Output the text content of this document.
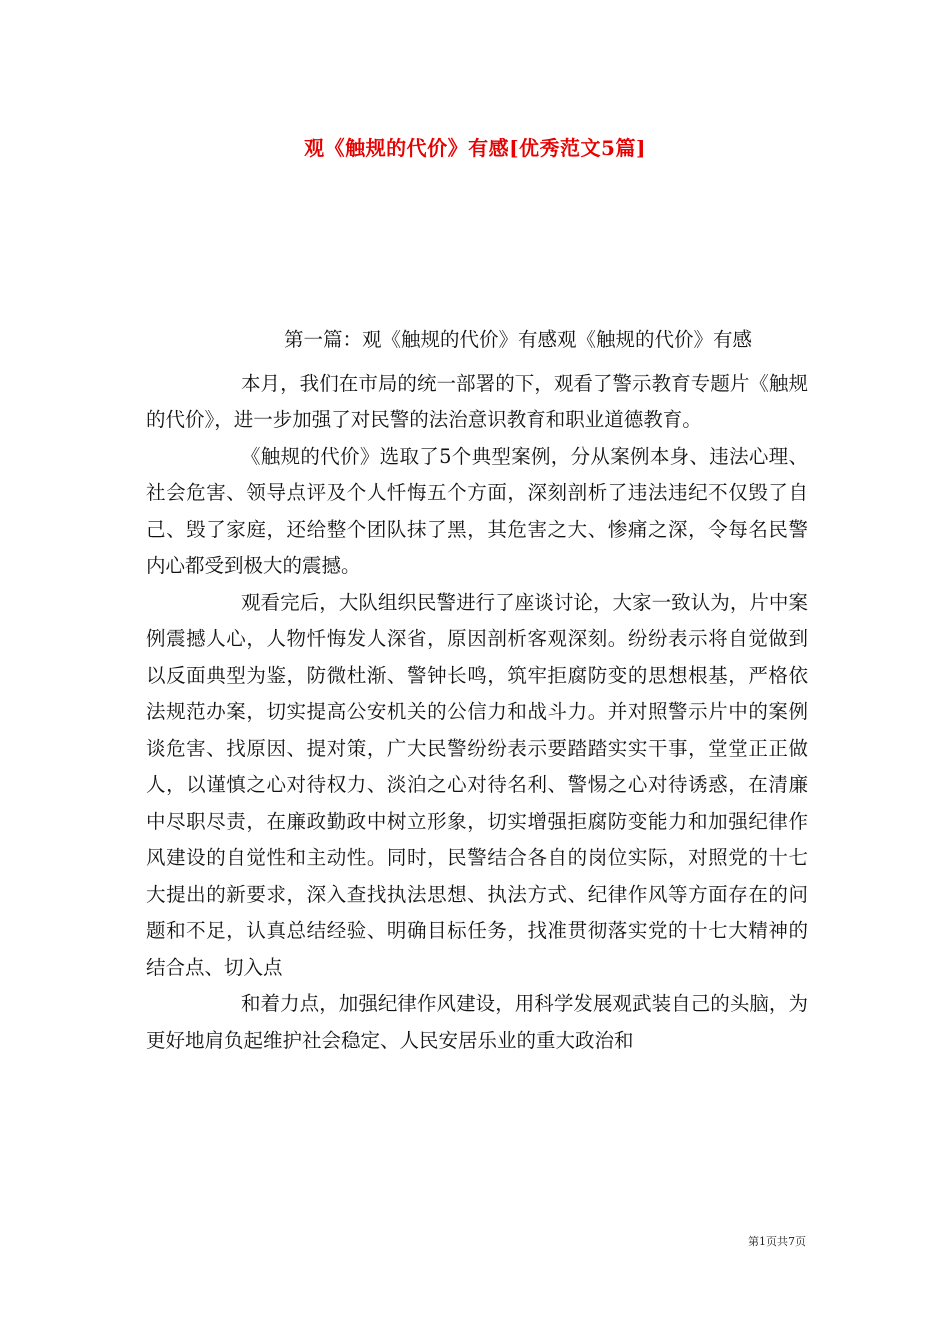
观《触规的代价》有感[优秀范文5篇]

第一篇：观《触规的代价》有感观《触规的代价》有感

本月，我们在市局的统一部署的下，观看了警示教育专题片《触规的代价》，进一步加强了对民警的法治意识教育和职业道德教育。

《触规的代价》选取了5个典型案例，分从案例本身、违法心理、社会危害、领导点评及个人忏悔五个方面，深刻剖析了违法违纪不仅毁了自己、毁了家庭，还给整个团队抹了黑，其危害之大、惨痛之深，令每名民警内心都受到极大的震撼。

观看完后，大队组织民警进行了座谈讨论，大家一致认为，片中案例震撼人心，人物忏悔发人深省，原因剖析客观深刻。纷纷表示将自觉做到以反面典型为鉴，防微杜渐、警钟长鸣，筑牢拒腐防变的思想根基，严格依法规范办案，切实提高公安机关的公信力和战斗力。并对照警示片中的案例谈危害、找原因、提对策，广大民警纷纷表示要踏踏实实干事，堂堂正正做人，以谨慎之心对待权力、淡泊之心对待名利、警惕之心对待诱惑，在清廉中尽职尽责，在廉政勤政中树立形象，切实增强拒腐防变能力和加强纪律作风建设的自觉性和主动性。同时，民警结合各自的岗位实际，对照党的十七大提出的新要求，深入查找执法思想、执法方式、纪律作风等方面存在的问题和不足，认真总结经验、明确目标任务，找准贯彻落实党的十七大精神的结合点、切入点

和着力点，加强纪律作风建设，用科学发展观武装自己的头脑，为更好地肩负起维护社会稳定、人民安居乐业的重大政治和

第1页共7页
